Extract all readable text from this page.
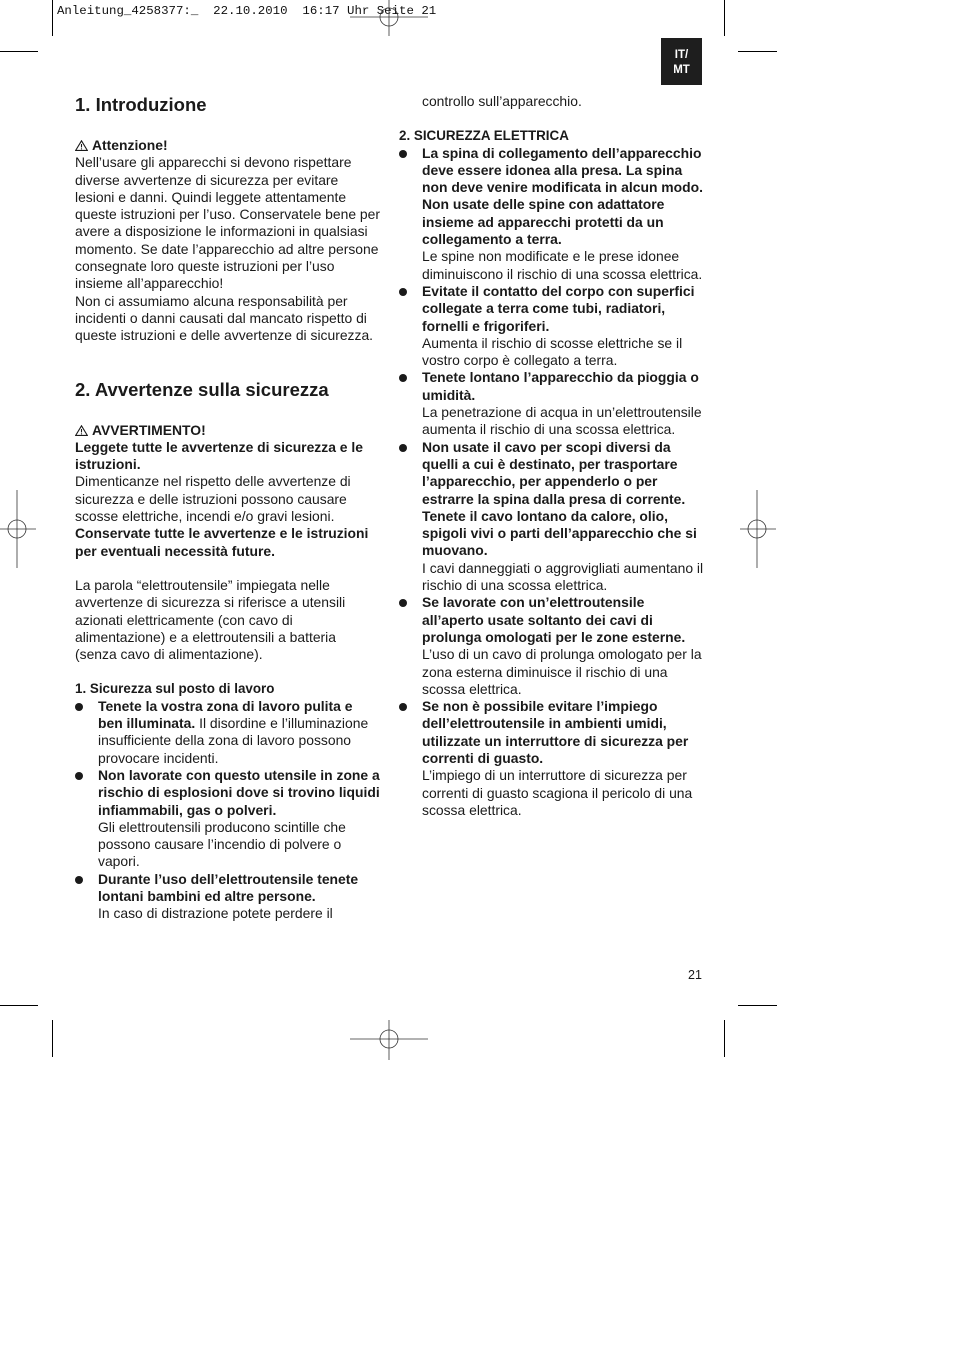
Anleitung_4258377:_ 22.10.2010 16:17 Uhr Seite 21
IT/
MT
1. Introduzione

Attenzione!

Nell’usare gli apparecchi si devono rispettare diverse avvertenze di sicurezza per evitare lesioni e danni. Quindi leggete attentamente queste istruzioni per l’uso. Conservatele bene per avere a disposizione le informazioni in qualsiasi momento. Se date l’apparecchio ad altre persone consegnate loro queste istruzioni per l’uso insieme all’apparecchio!

Non ci assumiamo alcuna responsabilità per incidenti o danni causati dal mancato rispetto di queste istruzioni e delle avvertenze di sicurezza.

2. Avvertenze sulla sicurezza

AVVERTIMENTO!

Leggete tutte le avvertenze di sicurezza e le istruzioni.

Dimenticanze nel rispetto delle avvertenze di sicurezza e delle istruzioni possono causare scosse elettriche, incendi e/o gravi lesioni.

Conservate tutte le avvertenze e le istruzioni per eventuali necessità future.

La parola “elettroutensile” impiegata nelle avvertenze di sicurezza si riferisce a utensili azionati elettricamente (con cavo di alimentazione) e a elettroutensili a batteria (senza cavo di alimentazione).

1. Sicurezza sul posto di lavoro

Tenete la vostra zona di lavoro pulita e ben illuminata. Il disordine e l’illuminazione insufficiente della zona di lavoro possono provocare incidenti.

Non lavorate con questo utensile in zone a rischio di esplosioni dove si trovino liquidi infiammabili, gas o polveri.

Gli elettroutensili producono scintille che possono causare l’incendio di polvere o vapori.

Durante l’uso dell’elettroutensile tenete lontani bambini ed altre persone.

In caso di distrazione potete perdere il

controllo sull’apparecchio.

2. SICUREZZA ELETTRICA

La spina di collegamento dell’apparecchio deve essere idonea alla presa. La spina non deve venire modificata in alcun modo. Non usate delle spine con adattatore insieme ad apparecchi protetti da un collegamento a terra.

Le spine non modificate e le prese idonee diminuiscono il rischio di una scossa elettrica.

Evitate il contatto del corpo con superfici collegate a terra come tubi, radiatori, fornelli e frigoriferi.

Aumenta il rischio di scosse elettriche se il vostro corpo è collegato a terra.

Tenete lontano l’apparecchio da pioggia o umidità.

La penetrazione di acqua in un’elettroutensile aumenta il rischio di una scossa elettrica.

Non usate il cavo per scopi diversi da quelli a cui è destinato, per trasportare l’apparecchio, per appenderlo o per estrarre la spina dalla presa di corrente. Tenete il cavo lontano da calore, olio, spigoli vivi o parti dell’apparecchio che si muovano.

I cavi danneggiati o aggrovigliati aumentano il rischio di una scossa elettrica.

Se lavorate con un’elettroutensile all’aperto usate soltanto dei cavi di prolunga omologati per le zone esterne.

L’uso di un cavo di prolunga omologato per la zona esterna diminuisce il rischio di una scossa elettrica.

Se non è possibile evitare l’impiego dell’elettroutensile in ambienti umidi, utilizzate un interruttore di sicurezza per correnti di guasto.

L’impiego di un interruttore di sicurezza per correnti di guasto scagiona il pericolo di una scossa elettrica.

21
